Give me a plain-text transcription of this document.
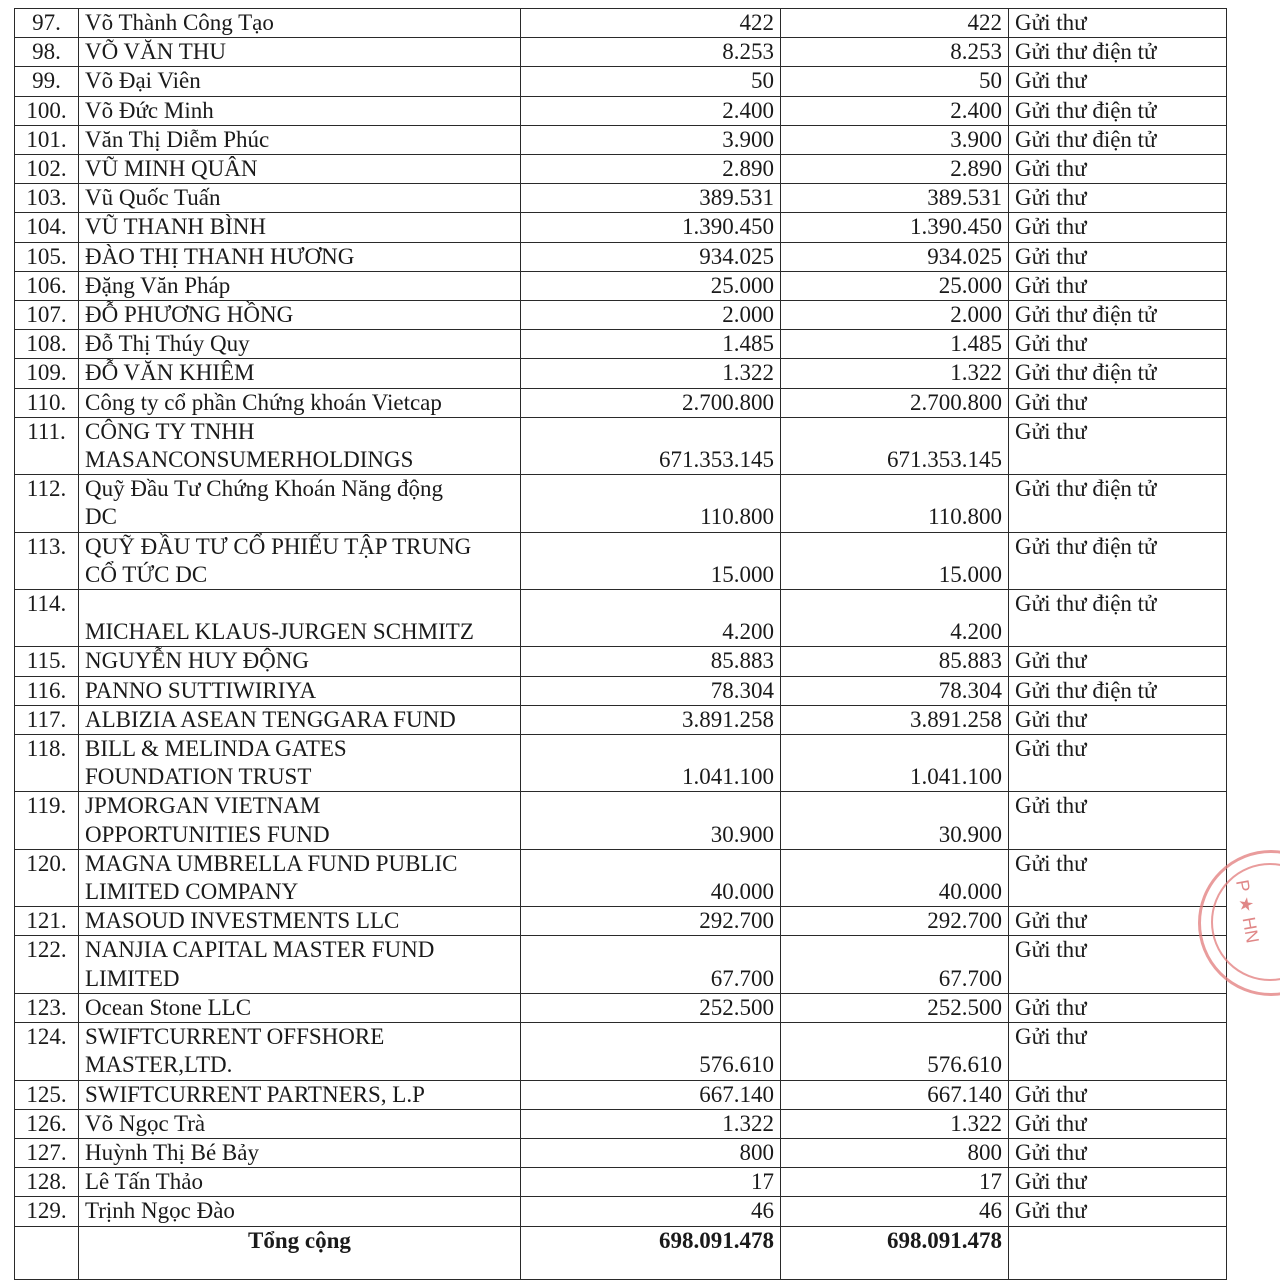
97.	Võ Thành Công Tạo	422	422	Gửi thư
98.	VÕ VĂN THU	8.253	8.253	Gửi thư điện tử
99.	Võ Đại Viên	50	50	Gửi thư
100.	Võ Đức Minh	2.400	2.400	Gửi thư điện tử
101.	Văn Thị Diễm Phúc	3.900	3.900	Gửi thư điện tử
102.	VŨ MINH QUÂN	2.890	2.890	Gửi thư
103.	Vũ Quốc Tuấn	389.531	389.531	Gửi thư
104.	VŨ THANH BÌNH	1.390.450	1.390.450	Gửi thư
105.	ĐÀO THỊ THANH HƯƠNG	934.025	934.025	Gửi thư
106.	Đặng Văn Pháp	25.000	25.000	Gửi thư
107.	ĐỖ PHƯƠNG HỒNG	2.000	2.000	Gửi thư điện tử
108.	Đỗ Thị Thúy Quy	1.485	1.485	Gửi thư
109.	ĐỖ VĂN KHIÊM	1.322	1.322	Gửi thư điện tử
110.	Công ty cổ phần Chứng khoán Vietcap	2.700.800	2.700.800	Gửi thư
111.	CÔNG TY TNHH
MASANCONSUMERHOLDINGS	671.353.145	671.353.145	Gửi thư
112.	Quỹ Đầu Tư Chứng Khoán Năng động
DC	110.800	110.800	Gửi thư điện tử
113.	QUỸ ĐẦU TƯ CỔ PHIẾU TẬP TRUNG
CỔ TỨC DC	15.000	15.000	Gửi thư điện tử
114.	MICHAEL KLAUS-JURGEN SCHMITZ	4.200	4.200	Gửi thư điện tử
115.	NGUYỄN HUY ĐỘNG	85.883	85.883	Gửi thư
116.	PANNO SUTTIWIRIYA	78.304	78.304	Gửi thư điện tử
117.	ALBIZIA ASEAN TENGGARA FUND	3.891.258	3.891.258	Gửi thư
118.	BILL & MELINDA GATES
FOUNDATION TRUST	1.041.100	1.041.100	Gửi thư
119.	JPMORGAN VIETNAM
OPPORTUNITIES FUND	30.900	30.900	Gửi thư
120.	MAGNA UMBRELLA FUND PUBLIC
LIMITED COMPANY	40.000	40.000	Gửi thư
121.	MASOUD INVESTMENTS LLC	292.700	292.700	Gửi thư
122.	NANJIA CAPITAL MASTER FUND
LIMITED	67.700	67.700	Gửi thư
123.	Ocean Stone LLC	252.500	252.500	Gửi thư
124.	SWIFTCURRENT OFFSHORE
MASTER,LTD.	576.610	576.610	Gửi thư
125.	SWIFTCURRENT PARTNERS, L.P	667.140	667.140	Gửi thư
126.	Võ Ngọc Trà	1.322	1.322	Gửi thư
127.	Huỳnh Thị Bé Bảy	800	800	Gửi thư
128.	Lê Tấn Thảo	17	17	Gửi thư
129.	Trịnh Ngọc Đào	46	46	Gửi thư
	Tổng cộng	698.091.478	698.091.478	
P ★ HN
